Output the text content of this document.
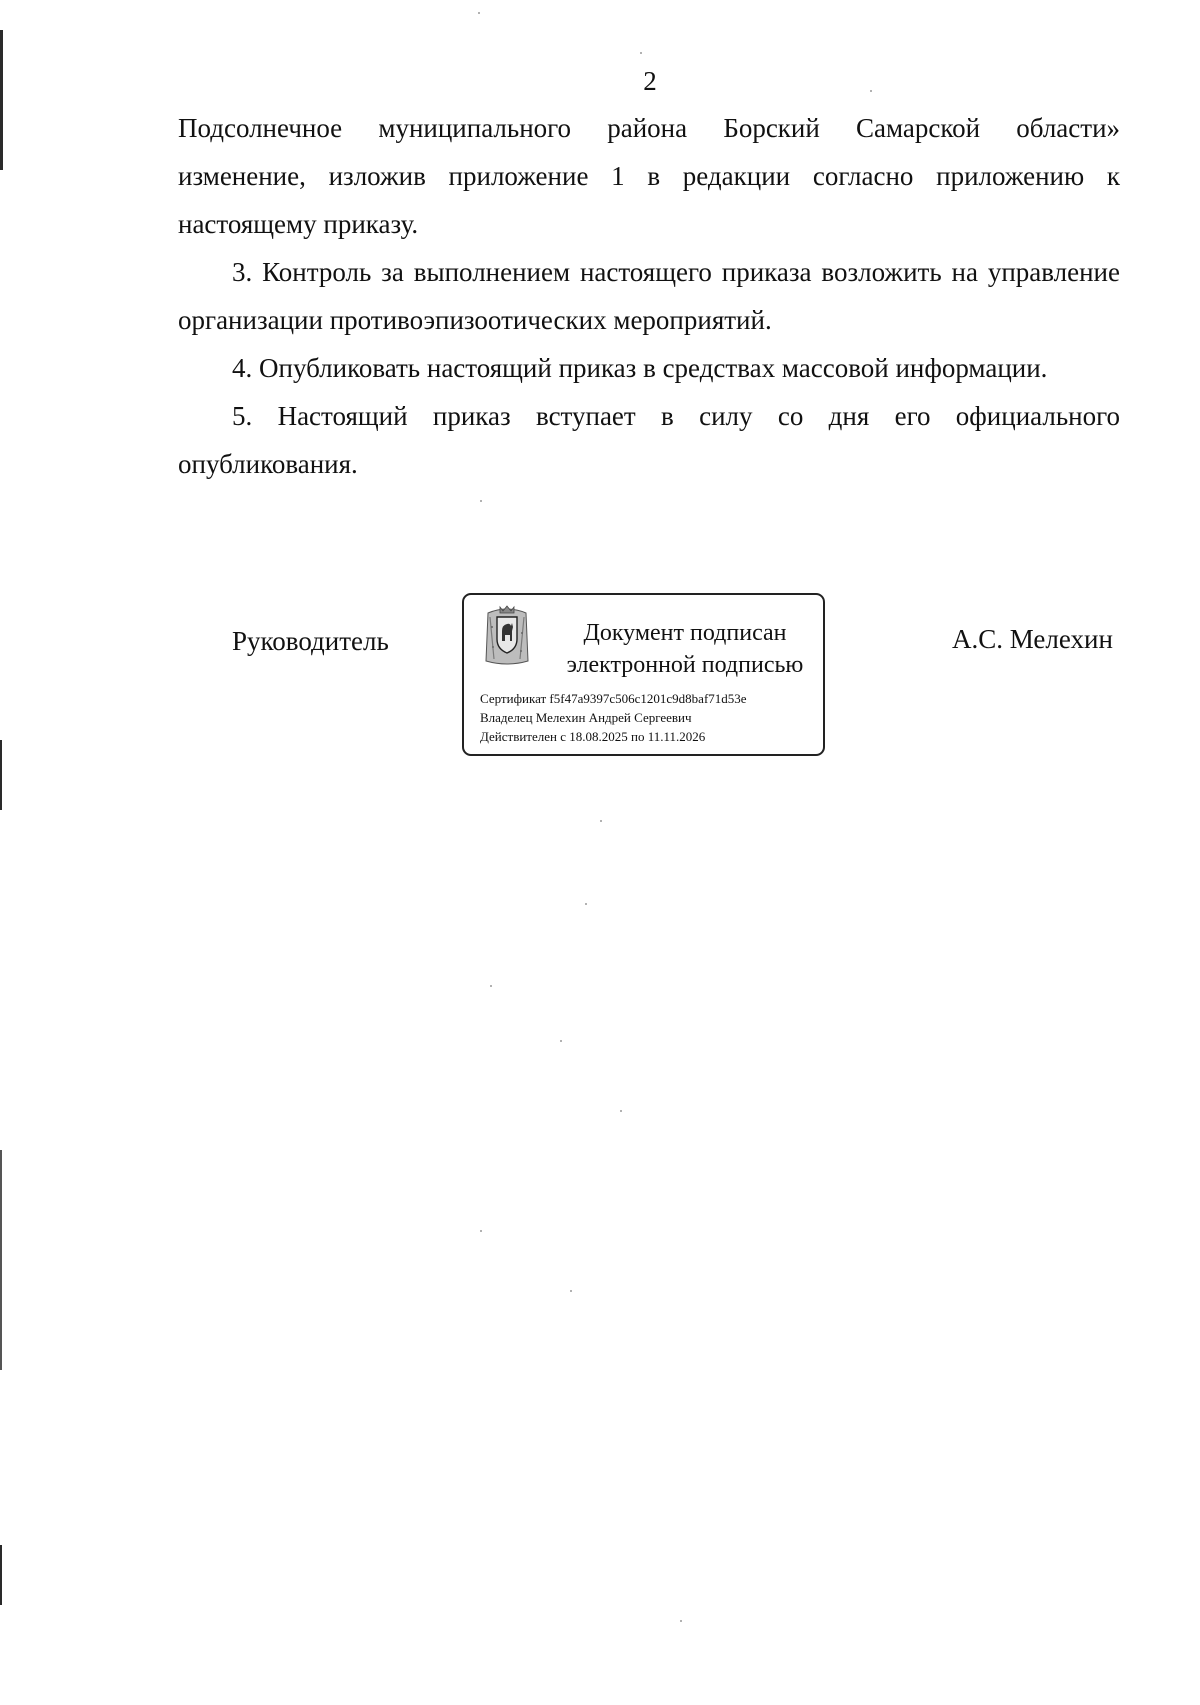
2

Подсолнечное муниципального района Борский Самарской области»
изменение, изложив приложение 1 в редакции согласно приложению к настоящему приказу.

3. Контроль за выполнением настоящего приказа возложить на управление организации противоэпизоотических мероприятий.

4. Опубликовать настоящий приказ в средствах массовой информации.

5. Настоящий приказ вступает в силу со дня его официального опубликования.

Руководитель	Документ подписан
электронной подписью
Сертификат f5f47a9397c506c1201c9d8baf71d53e
Владелец Мелехин Андрей Сергеевич
Действителен с 18.08.2025 по 11.11.2026
А.С. Мелехин
